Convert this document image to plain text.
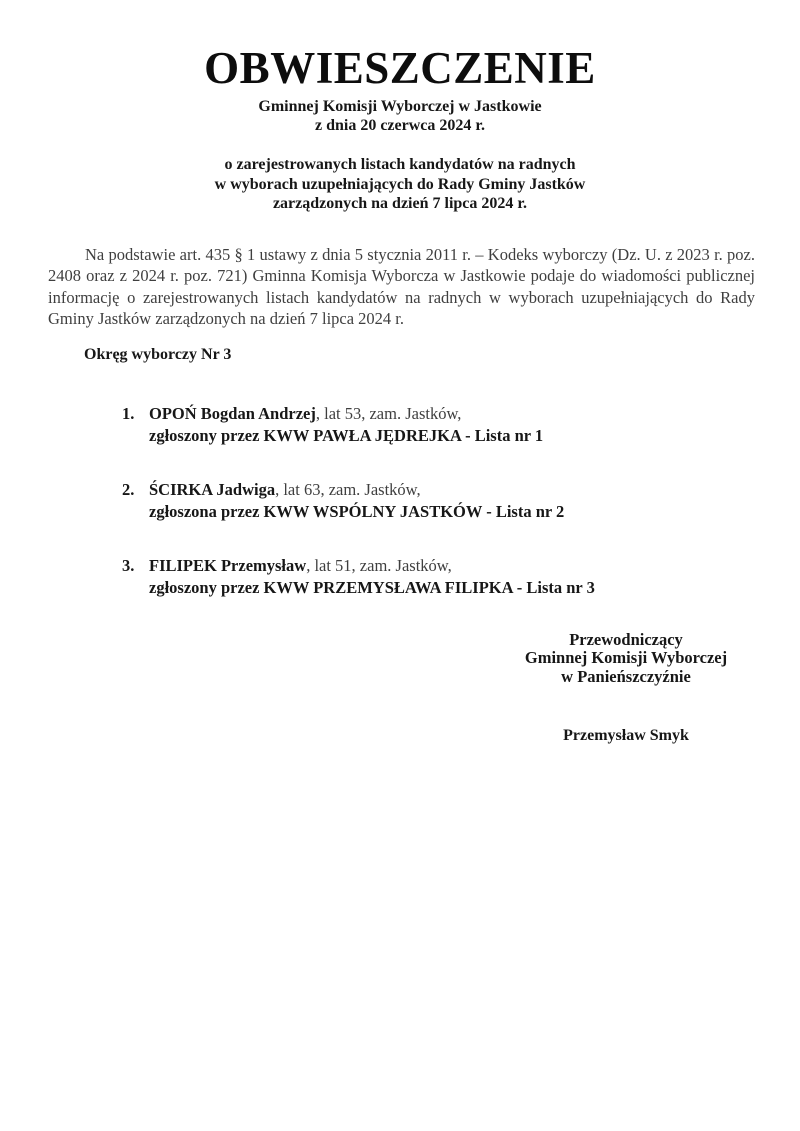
OBWIESZCZENIE
Gminnej Komisji Wyborczej w Jastkowie
z dnia 20 czerwca 2024 r.
o zarejestrowanych listach kandydatów na radnych
w wyborach uzupełniających do Rady Gminy Jastków
zarządzonych na dzień 7 lipca 2024 r.

Na podstawie art. 435 § 1 ustawy z dnia 5 stycznia 2011 r. – Kodeks wyborczy (Dz. U. z 2023 r. poz. 2408 oraz z 2024 r. poz. 721) Gminna Komisja Wyborcza w Jastkowie podaje do wiadomości publicznej informację o zarejestrowanych listach kandydatów na radnych w wyborach uzupełniających do Rady Gminy Jastków zarządzonych na dzień 7 lipca 2024 r.

Okręg wyborczy Nr 3
1. OPOŃ Bogdan Andrzej, lat 53, zam. Jastków,
zgłoszony przez KWW PAWŁA JĘDREJKA - Lista nr 1
2. ŚCIRKA Jadwiga, lat 63, zam. Jastków,
zgłoszona przez KWW WSPÓLNY JASTKÓW - Lista nr 2
3. FILIPEK Przemysław, lat 51, zam. Jastków,
zgłoszony przez KWW PRZEMYSŁAWA FILIPKA - Lista nr 3
Przewodniczący
Gminnej Komisji Wyborczej
w Panieńszczyźnie
Przemysław Smyk
